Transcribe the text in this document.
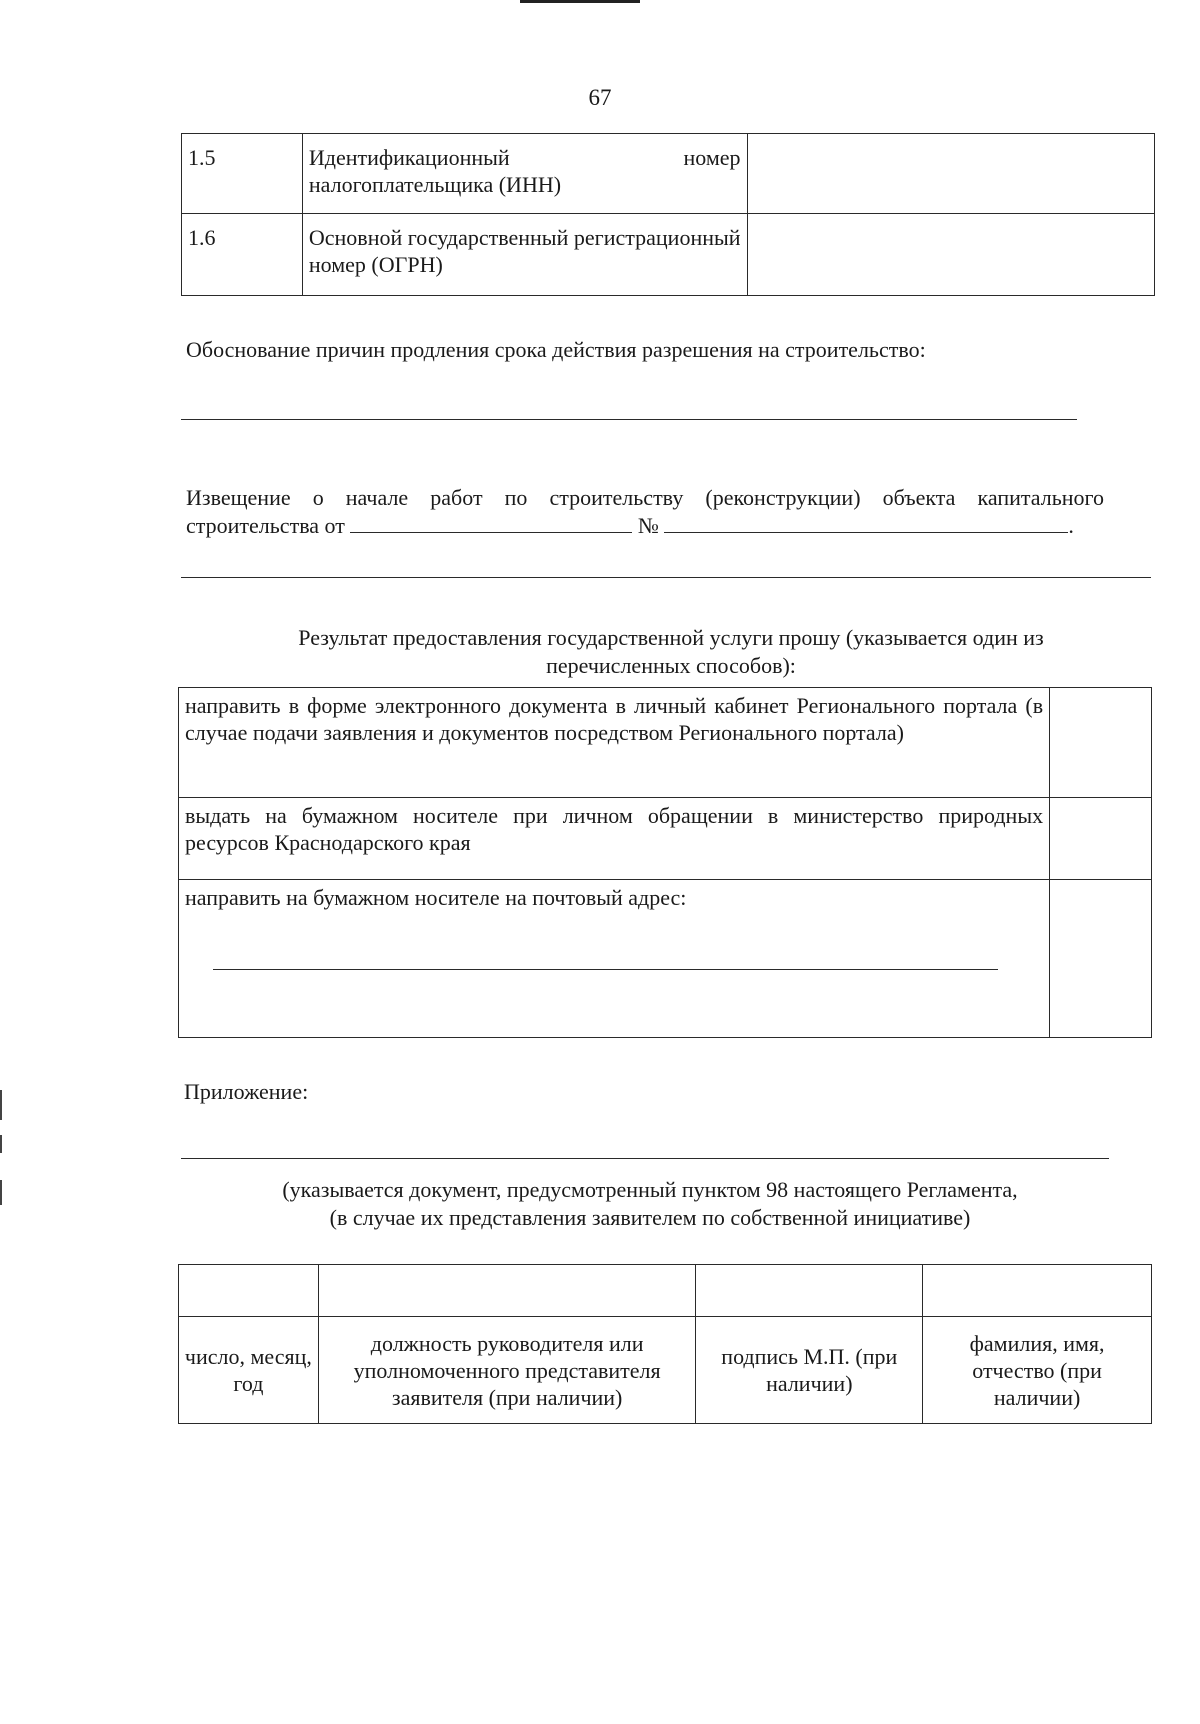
67
1.5	Идентификационный номер налогоплательщика (ИНН)	
1.6	Основной государственный регистрационный номер (ОГРН)	
Обоснование причин продления срока действия разрешения на строительство:
Извещение о начале работ по строительству (реконструкции) объекта капитального строительства от	№	.
Результат предоставления государственной услуги прошу (указывается один из перечисленных способов):
направить в форме электронного документа в личный кабинет Регионального портала (в случае подачи заявления и документов посредством Регионального портала)	
выдать на бумажном носителе при личном обращении в министерство природных ресурсов Краснодарского края	

направить на бумажном носителе на почтовый адрес:	

Приложение:
(указывается документ, предусмотренный пунктом 98 настоящего Регламента,
(в случае их представления заявителем по собственной инициативе)

число, месяц, год	должность руководителя или уполномоченного представителя заявителя (при наличии)	подпись М.П. (при наличии)	фамилия, имя, отчество (при наличии)
